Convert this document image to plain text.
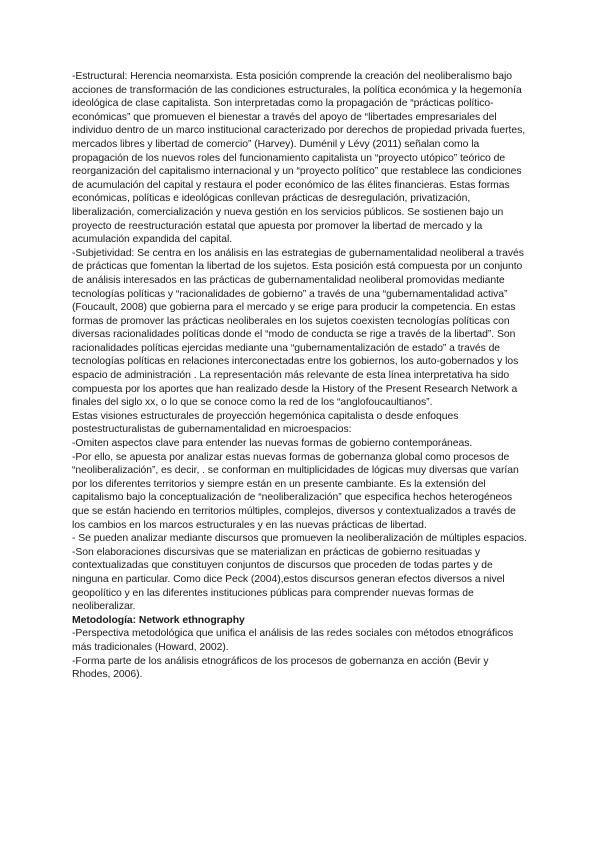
-Estructural: Herencia neomarxista. Esta posición comprende la creación del neoliberalismo bajo acciones de transformación de las condiciones estructurales, la política económica y la hegemonía ideológica de clase capitalista. Son interpretadas como la propagación de “prácticas político-económicas” que promueven el bienestar a través del apoyo de “libertades empresariales del individuo dentro de un marco institucional caracterizado por derechos de propiedad privada fuertes, mercados libres y libertad de comercio” (Harvey). Duménil y Lévy (2011) señalan como la propagación de los nuevos roles del funcionamiento capitalista un “proyecto utópico” teórico de reorganización del capitalismo internacional y un “proyecto político” que restablece las condiciones de acumulación del capital y restaura el poder económico de las élites financieras. Estas formas económicas, políticas e ideológicas conllevan prácticas de desregulación, privatización, liberalización, comercialización y nueva gestión en los servicios públicos. Se sostienen bajo un proyecto de reestructuración estatal que apuesta por promover la libertad de mercado y la acumulación expandida del capital.

-Subjetividad: Se centra en los análisis en las estrategias de gubernamentalidad neoliberal a través de prácticas que fomentan la libertad de los sujetos. Esta posición está compuesta por un conjunto de análisis interesados en las prácticas de gubernamentalidad neoliberal promovidas mediante tecnologías políticas y “racionalidades de gobierno” a través de una “gubernamentalidad activa” (Foucault, 2008) que gobierna para el mercado y se erige para producir la competencia. En estas formas de promover las prácticas neoliberales en los sujetos coexisten tecnologías políticas con diversas racionalidades políticas donde el “modo de conducta se rige a través de la libertad”. Son racionalidades políticas ejercidas mediante una “gubernamentalización de estado” a través de tecnologías políticas en relaciones interconectadas entre los gobiernos, los auto-gobernados y los espacio de administración . La representación más relevante de esta línea interpretativa ha sido compuesta por los aportes que han realizado desde la History of the Present Research Network a finales del siglo xx, o lo que se conoce como la red de los “anglofoucaultianos”.

Estas visiones estructurales de proyección hegemónica capitalista o desde enfoques postestructuralistas de gubernamentalidad en microespacios:

-Omiten aspectos clave para entender las nuevas formas de gobierno contemporáneas.

-Por ello, se apuesta por analizar estas nuevas formas de gobernanza global como procesos de “neoliberalización”, es decir, . se conforman en multiplicidades de lógicas muy diversas que varían por los diferentes territorios y siempre están en un presente cambiante. Es la extensión del capitalismo bajo la conceptualización de “neoliberalización” que especifica hechos heterogéneos que se están haciendo en territorios múltiples, complejos, diversos y contextualizados a través de los cambios en los marcos estructurales y en las nuevas prácticas de libertad.

- Se pueden analizar mediante discursos que promueven la neoliberalización de múltiples espacios.

-Son elaboraciones discursivas que se materializan en prácticas de gobierno resituadas y contextualizadas que constituyen conjuntos de discursos que proceden de todas partes y de ninguna en particular. Como dice Peck (2004),estos discursos generan efectos diversos a nivel geopolítico y en las diferentes instituciones públicas para comprender nuevas formas de neoliberalizar.

Metodología: Network ethnography

-Perspectiva metodológica que unifica el análisis de las redes sociales con métodos etnográficos más tradicionales (Howard, 2002).

-Forma parte de los análisis etnográficos de los procesos de gobernanza en acción (Bevir y Rhodes, 2006).
